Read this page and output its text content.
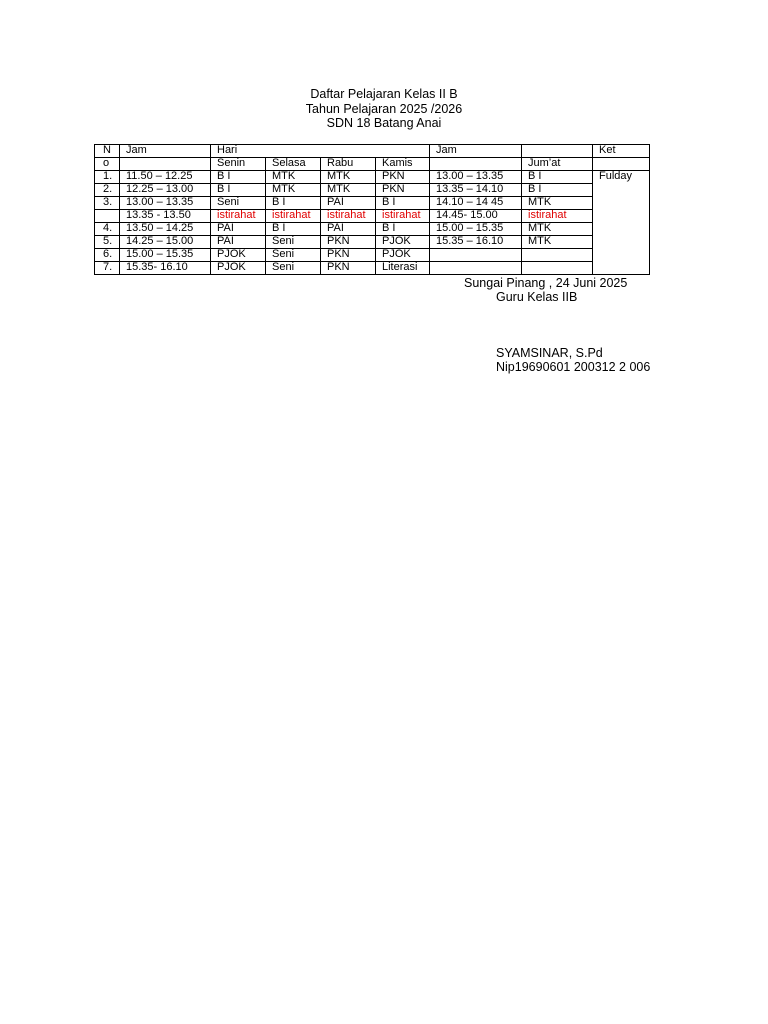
Daftar Pelajaran Kelas II B
Tahun Pelajaran 2025 /2026
SDN 18 Batang Anai
N	Jam	Hari				Jam		Ket
o		Senin	Selasa	Rabu	Kamis		Jum’at	
1.	11.50 – 12.25	B I	MTK	MTK	PKN	13.00 – 13.35	B I	Fulday
2.	12.25 – 13.00	B I	MTK	MTK	PKN	13.35 – 14.10	B I	
3.	13.00 – 13.35	Seni	B I	PAI	B I	14.10 – 14 45	MTK	
	13.35 - 13.50	istirahat	istirahat	istirahat	istirahat	14.45- 15.00	istirahat	
4.	13.50 – 14.25	PAI	B I	PAI	B I	15.00 – 15.35	MTK	
5.	14.25 – 15.00	PAI	Seni	PKN	PJOK	15.35 – 16.10	MTK	
6.	15.00 – 15.35	PJOK	Seni	PKN	PJOK			
7.	15.35- 16.10	PJOK	Seni	PKN	Literasi			
Sungai Pinang , 24 Juni 2025
Guru Kelas IIB
SYAMSINAR, S.Pd
Nip19690601 200312 2 006
